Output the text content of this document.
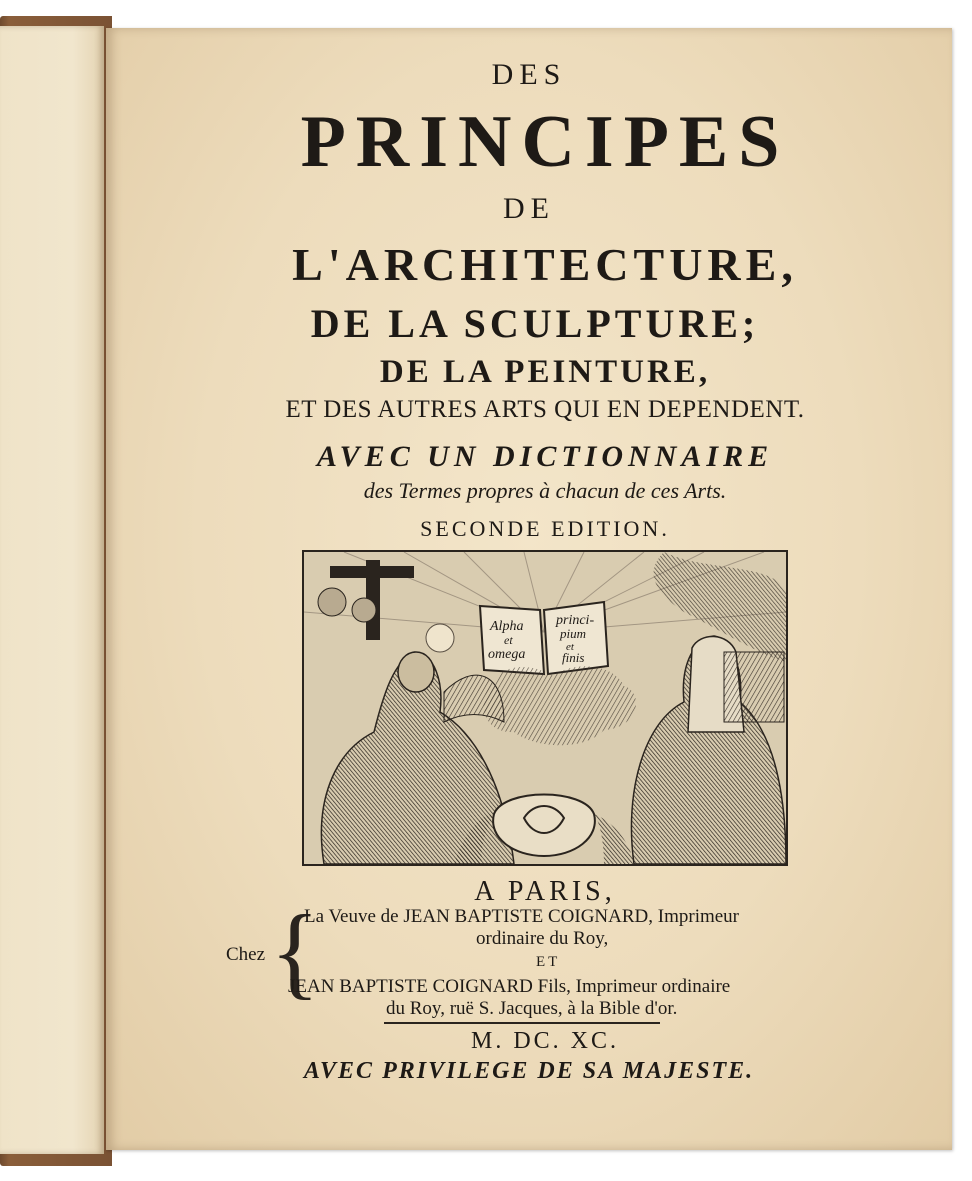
DES
PRINCIPES
DE
L'ARCHITECTURE,
DE LA SCULPTURE;
DE LA PEINTURE,
ET DES AUTRES ARTS QUI EN DEPENDENT.
AVEC UN DICTIONNAIRE
des Termes propres à chacun de ces Arts.
SECONDE EDITION.
Alpha
et
omega
princi-
pium
et
finis
A PARIS,
Chez {
La Veuve de JEAN BAPTISTE COIGNARD, Imprimeur
ordinaire du Roy,
ET
JEAN BAPTISTE COIGNARD Fils, Imprimeur ordinaire
du Roy, ruë S. Jacques, à la Bible d'or.
M. DC. XC.
AVEC PRIVILEGE DE SA MAJESTE.
